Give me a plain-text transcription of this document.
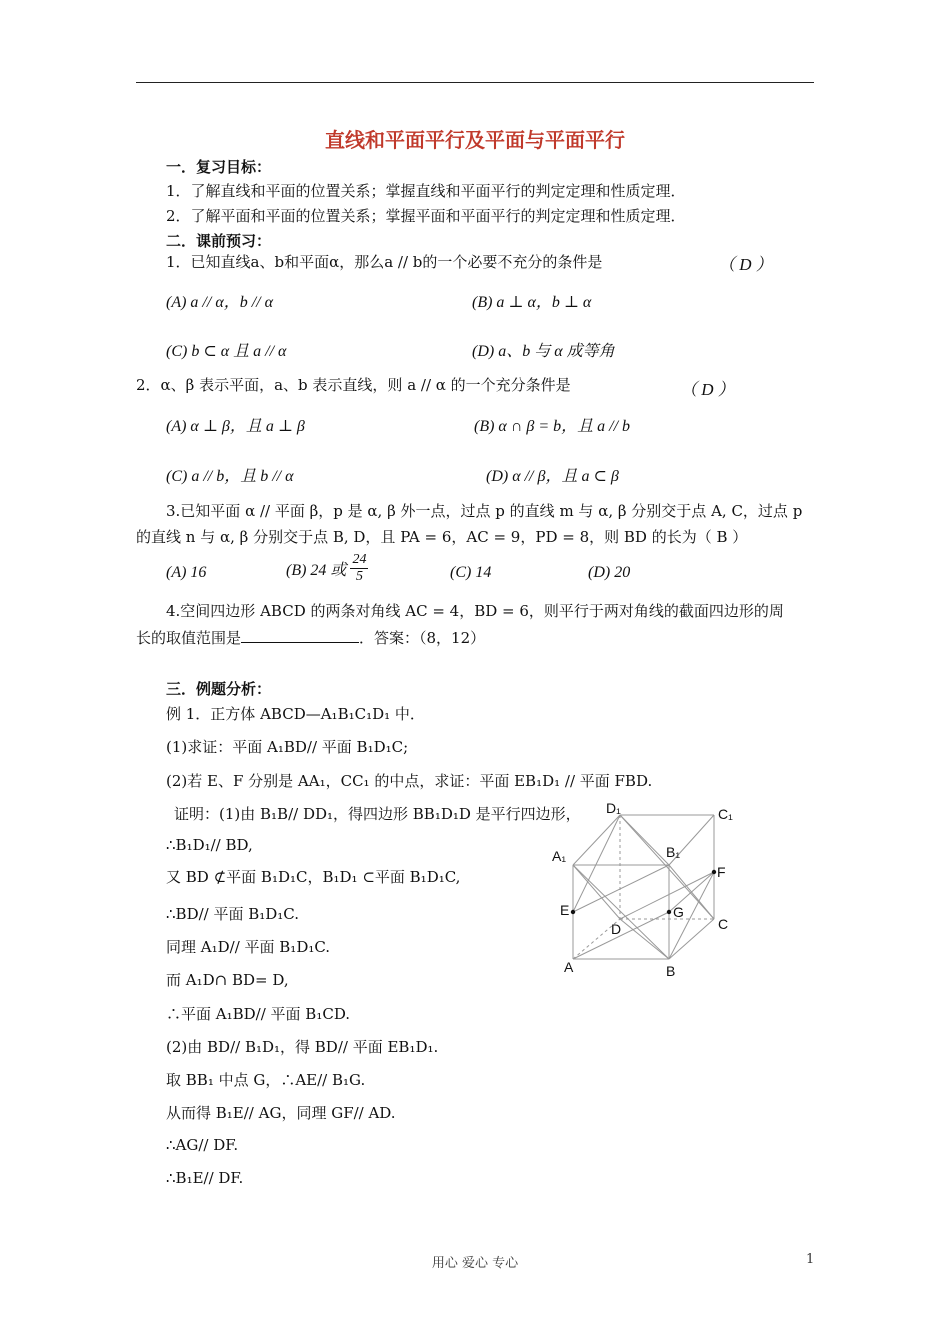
直线和平面平行及平面与平面平行
一．复习目标：
1．了解直线和平面的位置关系；掌握直线和平面平行的判定定理和性质定理．
2．了解平面和平面的位置关系；掌握平面和平面平行的判定定理和性质定理．
二．课前预习：
1．已知直线a、b和平面α，那么a // b的一个必要不充分的条件是	（ D ）
(A) a // α，b // α	(B) a ⊥ α，b ⊥ α
(C) b ⊂ α 且 a // α	(D) a、b 与 α 成等角
2．α、β 表示平面，a、b 表示直线，则 a // α 的一个充分条件是	（ D ）
(A) α ⊥ β，且 a ⊥ β	(B) α ∩ β = b，且 a // b
(C) a // b，且 b // α	(D) α // β，且 a ⊂ β
3.已知平面 α // 平面 β，p 是 α, β 外一点，过点 p 的直线 m 与 α, β 分别交于点 A, C，过点 p
的直线 n 与 α, β 分别交于点 B, D，且 PA = 6，AC = 9，PD = 8，则 BD 的长为（ B ）
(A) 16	(B) 24 或 $\frac{24}{5}$	(C) 14	(D) 20
4.空间四边形 ABCD 的两条对角线 AC = 4，BD = 6，则平行于两对角线的截面四边形的周
长的取值范围是	．答案：（8，12）
三．例题分析：
例 1．正方体 ABCD—A₁B₁C₁D₁ 中．
(1)求证：平面 A₁BD// 平面 B₁D₁C;
(2)若 E、F 分别是 AA₁，CC₁ 的中点，求证：平面 EB₁D₁ // 平面 FBD.
证明：(1)由 B₁B// DD₁，得四边形 BB₁D₁D 是平行四边形，
∴B₁D₁// BD,
又 BD ⊄平面 B₁D₁C，B₁D₁ ⊂平面 B₁D₁C,
∴BD// 平面 B₁D₁C.
同理 A₁D// 平面 B₁D₁C.
而 A₁D∩ BD= D,
∴平面 A₁BD// 平面 B₁CD.
(2)由 BD// B₁D₁，得 BD// 平面 EB₁D₁.
取 BB₁ 中点 G，∴AE// B₁G.
从而得 B₁E// AG，同理 GF// AD.
∴AG// DF.
∴B₁E// DF.
D₁	C₁
A₁	B₁
F
E	G
D	C
A	B
用心 爱心 专心	1
